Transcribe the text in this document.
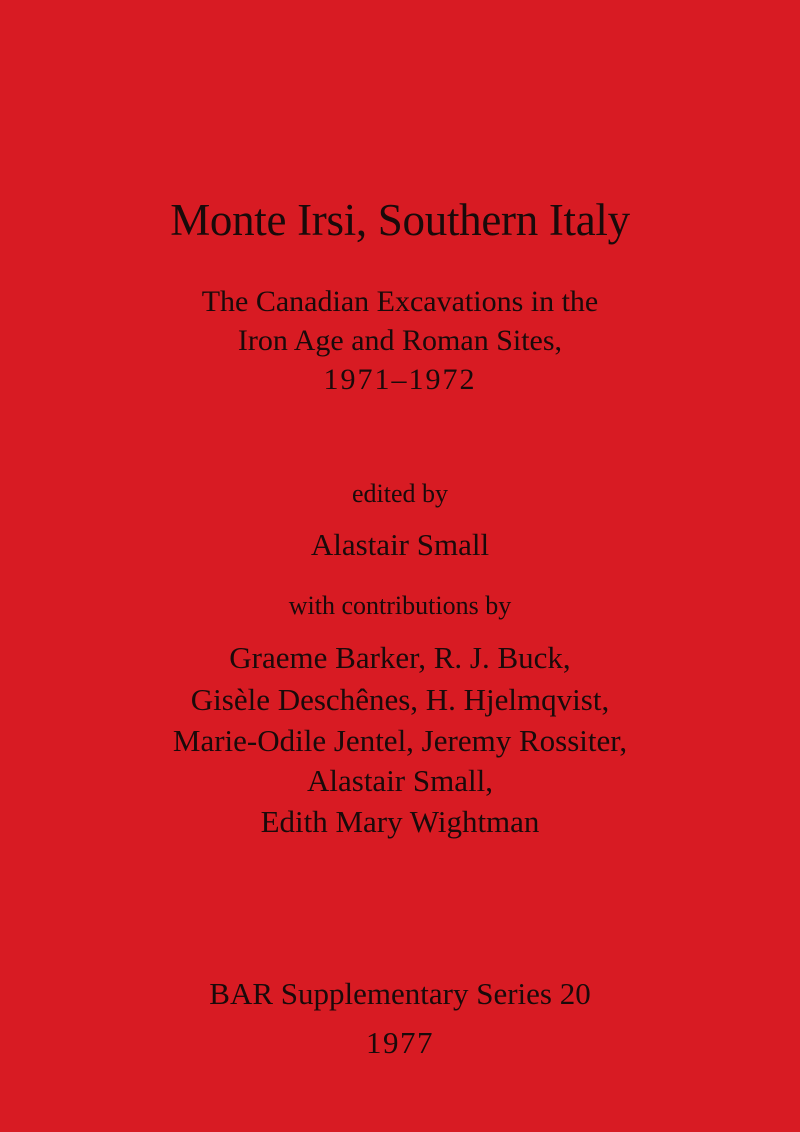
Monte Irsi, Southern Italy

The Canadian Excavations in the

Iron Age and Roman Sites,

1971–1972

edited by

Alastair Small

with contributions by

Graeme Barker, R. J. Buck,

Gisèle Deschênes, H. Hjelmqvist,

Marie-Odile Jentel, Jeremy Rossiter,

Alastair Small,

Edith Mary Wightman

BAR Supplementary Series 20

1977
